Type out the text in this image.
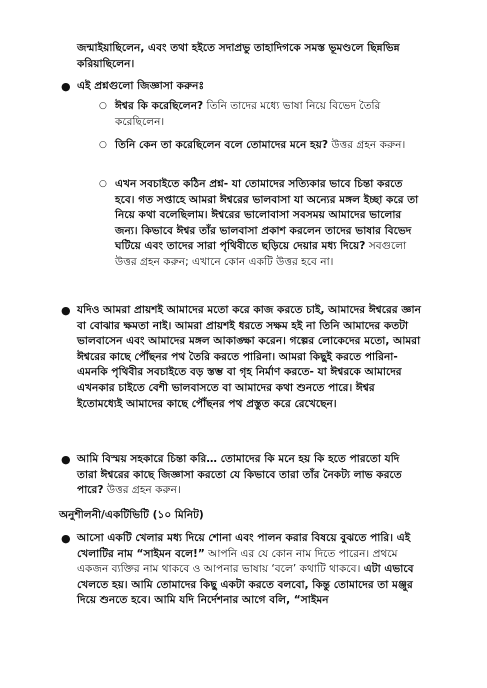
জন্মাইয়াছিলেন, এবং তথা হইতে সদাপ্রভু তাহাদিগকে সমস্ত ভূমণ্ডলে ছিন্নভিন্ন করিয়াছিলেন।

● এই প্রশ্নগুলো জিজ্ঞাসা করুনঃ

○ ঈশ্বর কি করেছিলেন? তিনি তাদের মধ্যে ভাষা নিয়ে বিভেদ তৈরি করেছিলেন।

○ তিনি কেন তা করেছিলেন বলে তোমাদের মনে হয়? উত্তর গ্রহন করুন।

○ এখন সবচাইতে কঠিন প্রশ্ন- যা তোমাদের সত্যিকার ভাবে চিন্তা করতে হবে। গত সপ্তাহে আমরা ঈশ্বরের ভালবাসা যা অন্যের মঙ্গল ইচ্ছা করে তা নিয়ে কথা বলেছিলাম। ঈশ্বরের ভালোবাসা সবসময় আমাদের ভালোর জন্য। কিভাবে ঈশ্বর তাঁর ভালবাসা প্রকাশ করলেন তাদের ভাষার বিভেদ ঘটিয়ে এবং তাদের সারা পৃথিবীতে ছড়িয়ে দেয়ার মধ্য দিয়ে? সবগুলো উত্তর গ্রহন করুন; এখানে কোন একটি উত্তর হবে না।

● যদিও আমরা প্রায়শই আমাদের মতো করে কাজ করতে চাই, আমাদের ঈশ্বরের জ্ঞান বা বোঝার ক্ষমতা নাই। আমরা প্রায়শই ধরতে সক্ষম হই না তিনি আমাদের কতটা ভালবাসেন এবং আমাদের মঙ্গল আকাঙ্ক্ষা করেন। গল্পের লোকেদের মতো, আমরা ঈশ্বরের কাছে পৌঁছনর পথ তৈরি করতে পারিনা। আমরা কিছুই করতে পারিনা- এমনকি পৃথিবীর সবচাইতে বড় স্তম্ভ বা গৃহ নির্মাণ করতে- যা ঈশ্বরকে আমাদের এখনকার চাইতে বেশী ভালবাসতে বা আমাদের কথা শুনতে পারে। ঈশ্বর ইতোমধ্যেই আমাদের কাছে পৌঁছনর পথ প্রস্তুত করে রেখেছেন।

● আমি বিস্ময় সহকারে চিন্তা করি… তোমাদের কি মনে হয় কি হতে পারতো যদি তারা ঈশ্বরের কাছে জিজ্ঞাসা করতো যে কিভাবে তারা তাঁর নৈকট্য লাভ করতে পারে? উত্তর গ্রহন করুন।

অনুশীলনী/একটিভিটি (১০ মিনিট)

● আসো একটি খেলার মধ্য দিয়ে শোনা এবং পালন করার বিষয়ে বুঝতে পারি। এই খেলাটির নাম “সাইমন বলে!” আপনি এর যে কোন নাম দিতে পারেন। প্রথমে একজন ব্যক্তির নাম থাকবে ও আপনার ভাষায় ‘বলে’ কথাটি থাকবে। এটা এভাবে খেলতে হয়। আমি তোমাদের কিছু একটা করতে বলবো, কিন্তু তোমাদের তা মঞ্জুর দিয়ে শুনতে হবে। আমি যদি নির্দেশনার আগে বলি, “সাইমন
